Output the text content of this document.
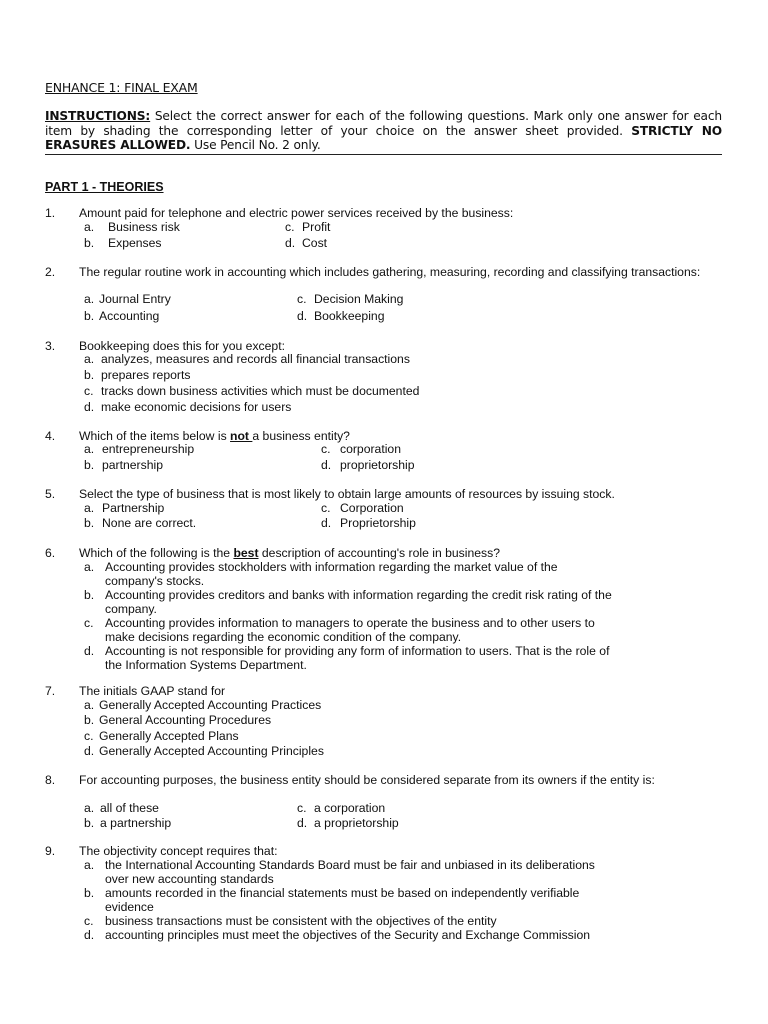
ENHANCE 1: FINAL EXAM
INSTRUCTIONS: Select the correct answer for each of the following questions. Mark only one answer for each item by shading the corresponding letter of your choice on the answer sheet provided. STRICTLY NO ERASURES ALLOWED. Use Pencil No. 2 only.
PART 1 - THEORIES
1. Amount paid for telephone and electric power services received by the business:
a. Business risk
b. Expenses
c. Profit
d. Cost
2. The regular routine work in accounting which includes gathering, measuring, recording and classifying transactions:
a. Journal Entry
b. Accounting
c. Decision Making
d. Bookkeeping
3. Bookkeeping does this for you except:
a. analyzes, measures and records all financial transactions
b. prepares reports
c. tracks down business activities which must be documented
d. make economic decisions for users
4. Which of the items below is not a business entity?
a. entrepreneurship
b. partnership
c. corporation
d. proprietorship
5. Select the type of business that is most likely to obtain large amounts of resources by issuing stock.
a. Partnership
b. None are correct.
c. Corporation
d. Proprietorship
6. Which of the following is the best description of accounting's role in business?
a. Accounting provides stockholders with information regarding the market value of the company's stocks.
b. Accounting provides creditors and banks with information regarding the credit risk rating of the company.
c. Accounting provides information to managers to operate the business and to other users to make decisions regarding the economic condition of the company.
d. Accounting is not responsible for providing any form of information to users. That is the role of the Information Systems Department.
7. The initials GAAP stand for
a. Generally Accepted Accounting Practices
b. General Accounting Procedures
c. Generally Accepted Plans
d. Generally Accepted Accounting Principles
8. For accounting purposes, the business entity should be considered separate from its owners if the entity is:
a. all of these
b. a partnership
c. a corporation
d. a proprietorship
9. The objectivity concept requires that:
a. the International Accounting Standards Board must be fair and unbiased in its deliberations over new accounting standards
b. amounts recorded in the financial statements must be based on independently verifiable evidence
c. business transactions must be consistent with the objectives of the entity
d. accounting principles must meet the objectives of the Security and Exchange Commission
